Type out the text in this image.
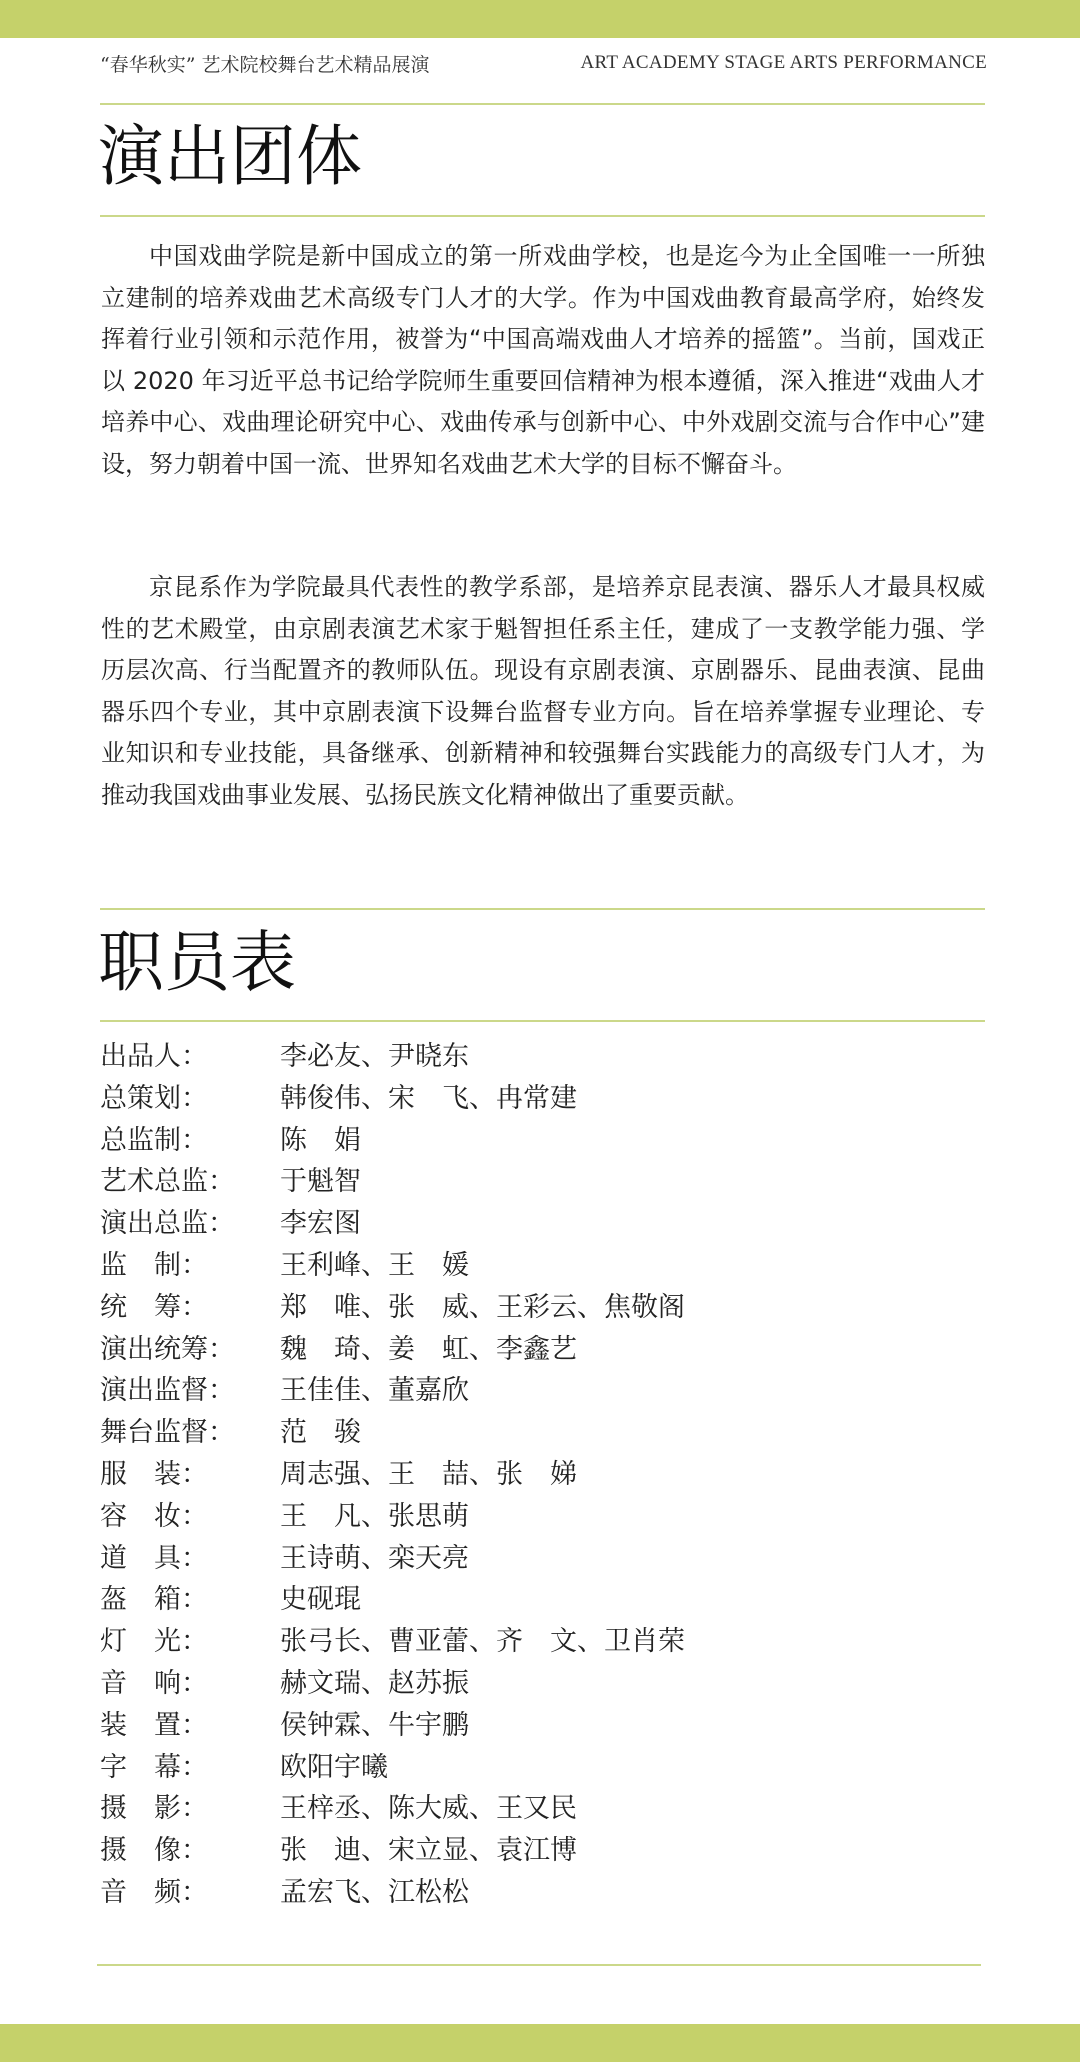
“春华秋实” 艺术院校舞台艺术精品展演	ART ACADEMY STAGE ARTS PERFORMANCE
演出团体

中国戏曲学院是新中国成立的第一所戏曲学校，也是迄今为止全国唯一一所独立建制的培养戏曲艺术高级专门人才的大学。作为中国戏曲教育最高学府，始终发挥着行业引领和示范作用，被誉为“中国高端戏曲人才培养的摇篮”。当前，国戏正以 2020 年习近平总书记给学院师生重要回信精神为根本遵循，深入推进“戏曲人才培养中心、戏曲理论研究中心、戏曲传承与创新中心、中外戏剧交流与合作中心”建设，努力朝着中国一流、世界知名戏曲艺术大学的目标不懈奋斗。

京昆系作为学院最具代表性的教学系部，是培养京昆表演、器乐人才最具权威性的艺术殿堂，由京剧表演艺术家于魁智担任系主任，建成了一支教学能力强、学历层次高、行当配置齐的教师队伍。现设有京剧表演、京剧器乐、昆曲表演、昆曲器乐四个专业，其中京剧表演下设舞台监督专业方向。旨在培养掌握专业理论、专业知识和专业技能，具备继承、创新精神和较强舞台实践能力的高级专门人才，为推动我国戏曲事业发展、弘扬民族文化精神做出了重要贡献。

职员表
出品人：	李必友、尹晓东
总策划：	韩俊伟、宋　飞、冉常建
总监制：	陈　娟
艺术总监：	于魁智
演出总监：	李宏图
监　制：	王利峰、王　媛
统　筹：	郑　唯、张　威、王彩云、焦敬阁
演出统筹：	魏　琦、姜　虹、李鑫艺
演出监督：	王佳佳、董嘉欣
舞台监督：	范　骏
服　装：	周志强、王　喆、张　娣
容　妆：	王　凡、张思萌
道　具：	王诗萌、栾天亮
盔　箱：	史砚琨
灯　光：	张弓长、曹亚蕾、齐　文、卫肖荣
音　响：	赫文瑞、赵苏振
装　置：	侯钟霖、牛宇鹏
字　幕：	欧阳宇曦
摄　影：	王梓丞、陈大威、王又民
摄　像：	张　迪、宋立显、袁江博
音　频：	孟宏飞、江松松
